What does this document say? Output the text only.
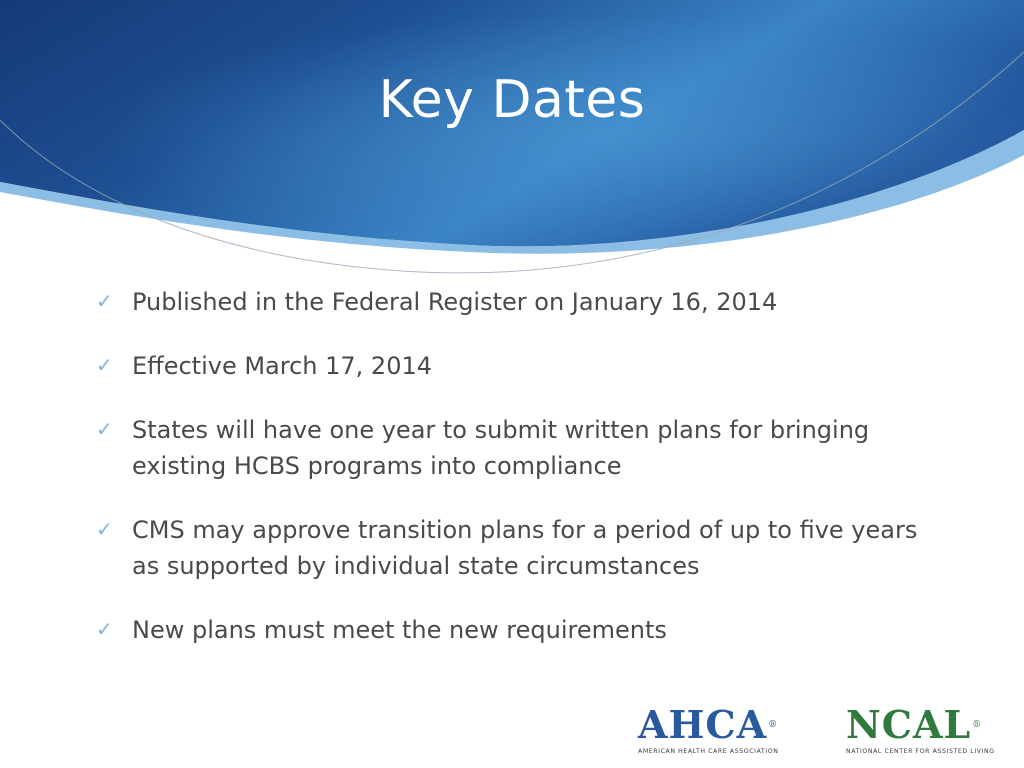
Key Dates
✓ Published in the Federal Register on January 16, 2014
✓ Effective March 17, 2014
✓ States will have one year to submit written plans for bringing existing HCBS programs into compliance
✓ CMS may approve transition plans for a period of up to five years as supported by individual state circumstances
✓ New plans must meet the new requirements
AHCA®
AMERICAN HEALTH CARE ASSOCIATION
NCAL®
NATIONAL CENTER FOR ASSISTED LIVING
